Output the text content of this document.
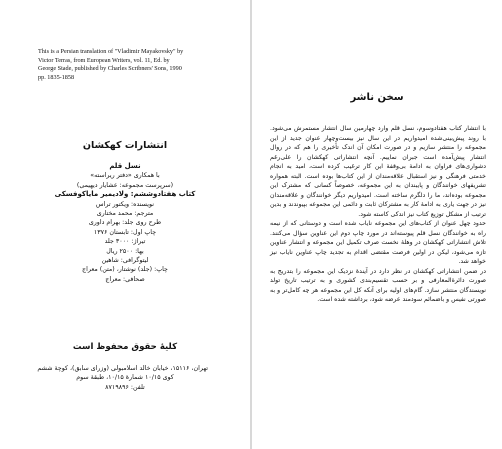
This is a Persian translation of "Vladimir Mayakovsky" by
Victor Terras, from European Writers, vol. 11, Ed. by
George Stade, published by Charles Scribners' Sons, 1990
pp. 1835-1858
انتشارات کهکشان
نسل قلم
با همکاری «دفتر ریراسته»
(سرپرست مجموعه: عشایار دیهیمی)
کتاب هفتادوششم: ولادیمیر مایاکوفسکی
نویسنده: ویکتور تراس
مترجم: محمد مختاری
طرح روی جلد: بهرام داوری
چاپ اول: تابستان ۱۳۷۶
تیراژ: ۳۰۰۰ جلد
بها: ۲۵۰۰ ریال
لیتوگرافی: شاهین
چاپ: (جلد) نوشتار، (متن) معراج
صحافی: معراج
کلیهٔ حقوق محفوظ است
تهران، ۱۵۱۱۶، خیابان خالد اسلامبولی (وزرای سابق)، کوچهٔ ششم
کوی ۱۰/۱۵ شمارهٔ ۱۰/۱۵، طبقهٔ سوم
تلفن: ۸۷۱۹۸۹۶
سخن ناشر

با انتشار کتاب هفتادوسوم، نسل قلم وارد چهارمین سال انتشار مستمرش می‌شود. با روند پیش‌بینی‌شده امیدواریم در این سال نیز بیست‌وچهار عنوان جدید از این مجموعه را منتشر سازیم و در صورت امکان آن اندک تأخیری را هم که در روال انتشار پیش‌آمده است جبران نماییم. آنچه انتشاراتی کهکشان را علی‌رغم دشواری‌های فراوان به ادامهٔ بی‌وقفهٔ این کار ترغیب کرده است، امید به انجام خدمتی فرهنگی و نیز استقبال علاقه‌مندان از این کتاب‌ها بوده است. البته همواره تشریفهای خوانندگان و پایبندان به این مجموعه، خصوصاً کسانی که مشترک این مجموعه بوده‌اند، ما را دلگرم ساخته است. امیدواریم دیگر خوانندگان و علاقه‌مندان نیز در جهت یاری به ادامهٔ کار به مشترکان ثابت و دائمی این مجموعه بپیوندند و بدین ترتیب از مشکل توزیع کتاب نیز اندکی کاسته شود.

حدود چهل عنوان از کتاب‌های این مجموعه نایاب شده است و دوستانی که از نیمه راه به خوانندگان نسل قلم پیوسته‌اند در مورد چاپ دوم این عناوین سؤال می‌کنند. تلاش انتشاراتی کهکشان در وهلهٔ نخست صرف تکمیل این مجموعه و انتشار عناوین تازه می‌شود، لیکن در اولین فرصت مقتضی اقدام به تجدید چاپ عناوین نایاب نیز خواهد شد.

در ضمن انتشاراتی کهکشان در نظر دارد در آیندهٔ نزدیک این مجموعه را بتدریج به صورت دائرةالمعارفی و بر حسب تقسیم‌بندی کشوری و به ترتیب تاریخ تولد نویسندگان منتشر سازد. گام‌های اولیه برای آنکه کل این مجموعه هر چه کامل‌تر و به صورتی نفیس و باضمائم سودمند عرضه شود، برداشته شده است.
